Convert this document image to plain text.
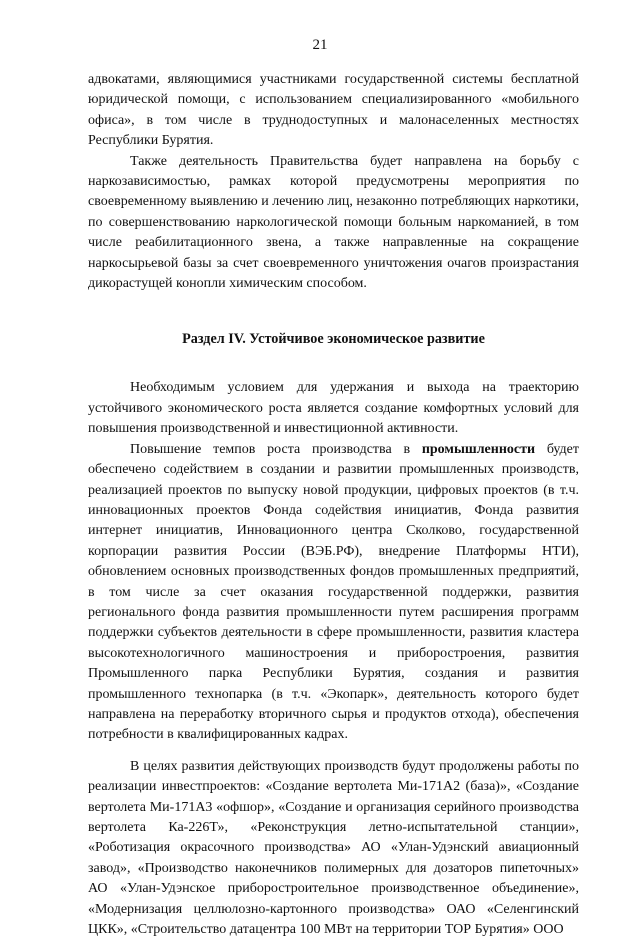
21

адвокатами, являющимися участниками государственной системы бесплатной юридической помощи, с использованием специализированного «мобильного офиса», в том числе в труднодоступных и малонаселенных местностях Республики Бурятия.

Также деятельность Правительства будет направлена на борьбу с наркозависимостью, рамках которой предусмотрены мероприятия по своевременному выявлению и лечению лиц, незаконно потребляющих наркотики, по совершенствованию наркологической помощи больным наркоманией, в том числе реабилитационного звена, а также направленные на сокращение наркосырьевой базы за счет своевременного уничтожения очагов произрастания дикорастущей конопли химическим способом.

Раздел IV. Устойчивое экономическое развитие

Необходимым условием для удержания и выхода на траекторию устойчивого экономического роста является создание комфортных условий для повышения производственной и инвестиционной активности.

Повышение темпов роста производства в промышленности будет обеспечено содействием в создании и развитии промышленных производств, реализацией проектов по выпуску новой продукции, цифровых проектов (в т.ч. инновационных проектов Фонда содействия инициатив, Фонда развития интернет инициатив, Инновационного центра Сколково, государственной корпорации развития России (ВЭБ.РФ), внедрение Платформы НТИ), обновлением основных производственных фондов промышленных предприятий, в том числе за счет оказания государственной поддержки, развития регионального фонда развития промышленности путем расширения программ поддержки субъектов деятельности в сфере промышленности, развития кластера высокотехнологичного машиностроения и приборостроения, развития Промышленного парка Республики Бурятия, создания и развития промышленного технопарка (в т.ч. «Экопарк», деятельность которого будет направлена на переработку вторичного сырья и продуктов отхода), обеспечения потребности в квалифицированных кадрах.

В целях развития действующих производств будут продолжены работы по реализации инвестпроектов: «Создание вертолета Ми-171А2 (база)», «Создание вертолета Ми-171А3 «офшор», «Создание и организация серийного производства вертолета Ка-226Т», «Реконструкция летно-испытательной станции», «Роботизация окрасочного производства» АО «Улан-Удэнский авиационный завод», «Производство наконечников полимерных для дозаторов пипеточных» АО «Улан-Удэнское приборостроительное производственное объединение», «Модернизация целлюлозно-картонного производства» ОАО «Селенгинский ЦКК», «Строительство датацентра 100 МВт на территории ТОР Бурятия» ООО
